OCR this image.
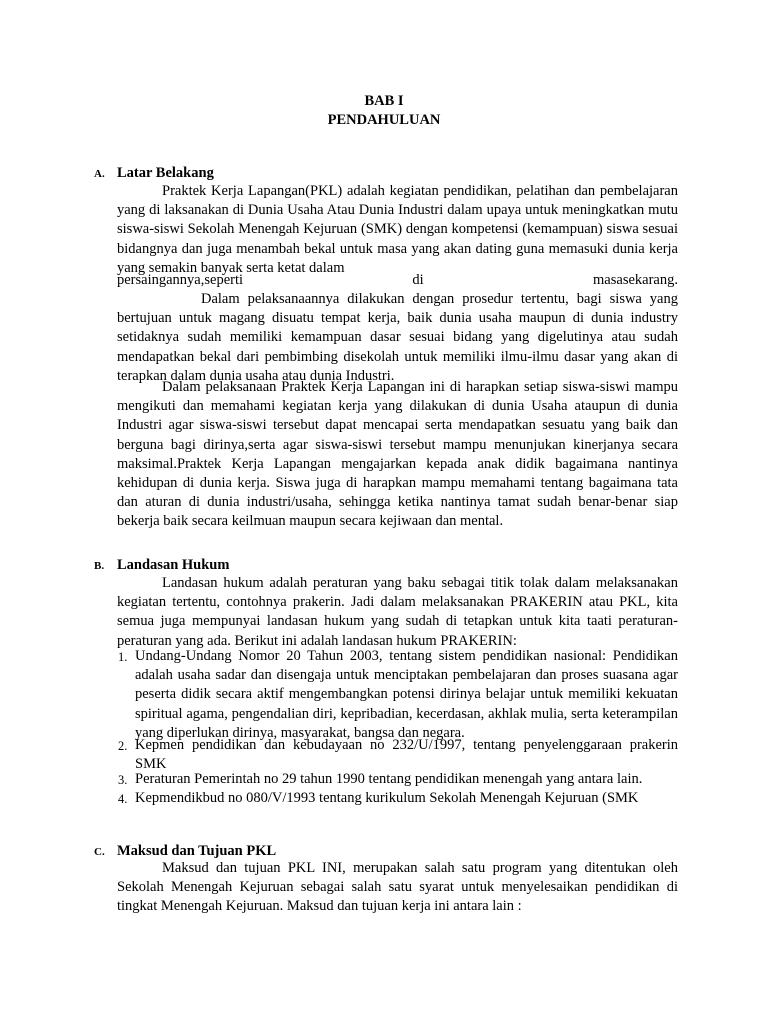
BAB I
PENDAHULUAN
A. Latar Belakang

Praktek Kerja Lapangan(PKL) adalah kegiatan pendidikan, pelatihan dan pembelajaran yang di laksanakan di Dunia Usaha Atau Dunia Industri dalam upaya untuk meningkatkan mutu siswa-siswi Sekolah Menengah Kejuruan (SMK) dengan kompetensi (kemampuan) siswa sesuai bidangnya dan juga menambah bekal untuk masa yang akan dating guna memasuki dunia kerja yang semakin banyak serta ketat dalam

persaingannya,seperti	di	masasekarang.

Dalam pelaksanaannya dilakukan dengan prosedur tertentu, bagi siswa yang bertujuan untuk magang disuatu tempat kerja, baik dunia usaha maupun di dunia industry setidaknya sudah memiliki kemampuan dasar sesuai bidang yang digelutinya atau sudah mendapatkan bekal dari pembimbing disekolah untuk memiliki ilmu-ilmu dasar yang akan di terapkan dalam dunia usaha atau dunia Industri.

Dalam pelaksanaan Praktek Kerja Lapangan ini di harapkan setiap siswa-siswi mampu mengikuti dan memahami kegiatan kerja yang dilakukan di dunia Usaha ataupun di dunia Industri agar siswa-siswi tersebut dapat mencapai serta mendapatkan sesuatu yang baik dan berguna bagi dirinya,serta agar siswa-siswi tersebut mampu menunjukan kinerjanya secara maksimal.Praktek Kerja Lapangan mengajarkan kepada anak didik bagaimana nantinya kehidupan di dunia kerja. Siswa juga di harapkan mampu memahami tentang bagaimana tata dan aturan di dunia industri/usaha, sehingga ketika nantinya tamat sudah benar-benar siap bekerja baik secara keilmuan maupun secara kejiwaan dan mental.

B. Landasan Hukum

Landasan hukum adalah peraturan yang baku sebagai titik tolak dalam melaksanakan kegiatan tertentu, contohnya prakerin. Jadi dalam melaksanakan PRAKERIN atau PKL, kita semua juga mempunyai landasan hukum yang sudah di tetapkan untuk kita taati peraturan-peraturan yang ada. Berikut ini adalah landasan hukum PRAKERIN:

1. Undang-Undang Nomor 20 Tahun 2003, tentang sistem pendidikan nasional: Pendidikan adalah usaha sadar dan disengaja untuk menciptakan pembelajaran dan proses suasana agar peserta didik secara aktif mengembangkan potensi dirinya belajar untuk memiliki kekuatan spiritual agama, pengendalian diri, kepribadian, kecerdasan, akhlak mulia, serta keterampilan yang diperlukan dirinya, masyarakat, bangsa dan negara.

2. Kepmen pendidikan dan kebudayaan no 232/U/1997, tentang penyelenggaraan prakerin SMK

3. Peraturan Pemerintah no 29 tahun 1990 tentang pendidikan menengah yang antara lain.

4. Kepmendikbud no 080/V/1993 tentang kurikulum Sekolah Menengah Kejuruan (SMK

C. Maksud dan Tujuan PKL

Maksud dan tujuan PKL INI, merupakan salah satu program yang ditentukan oleh Sekolah Menengah Kejuruan sebagai salah satu syarat untuk menyelesaikan pendidikan di tingkat Menengah Kejuruan. Maksud dan tujuan kerja ini antara lain :
